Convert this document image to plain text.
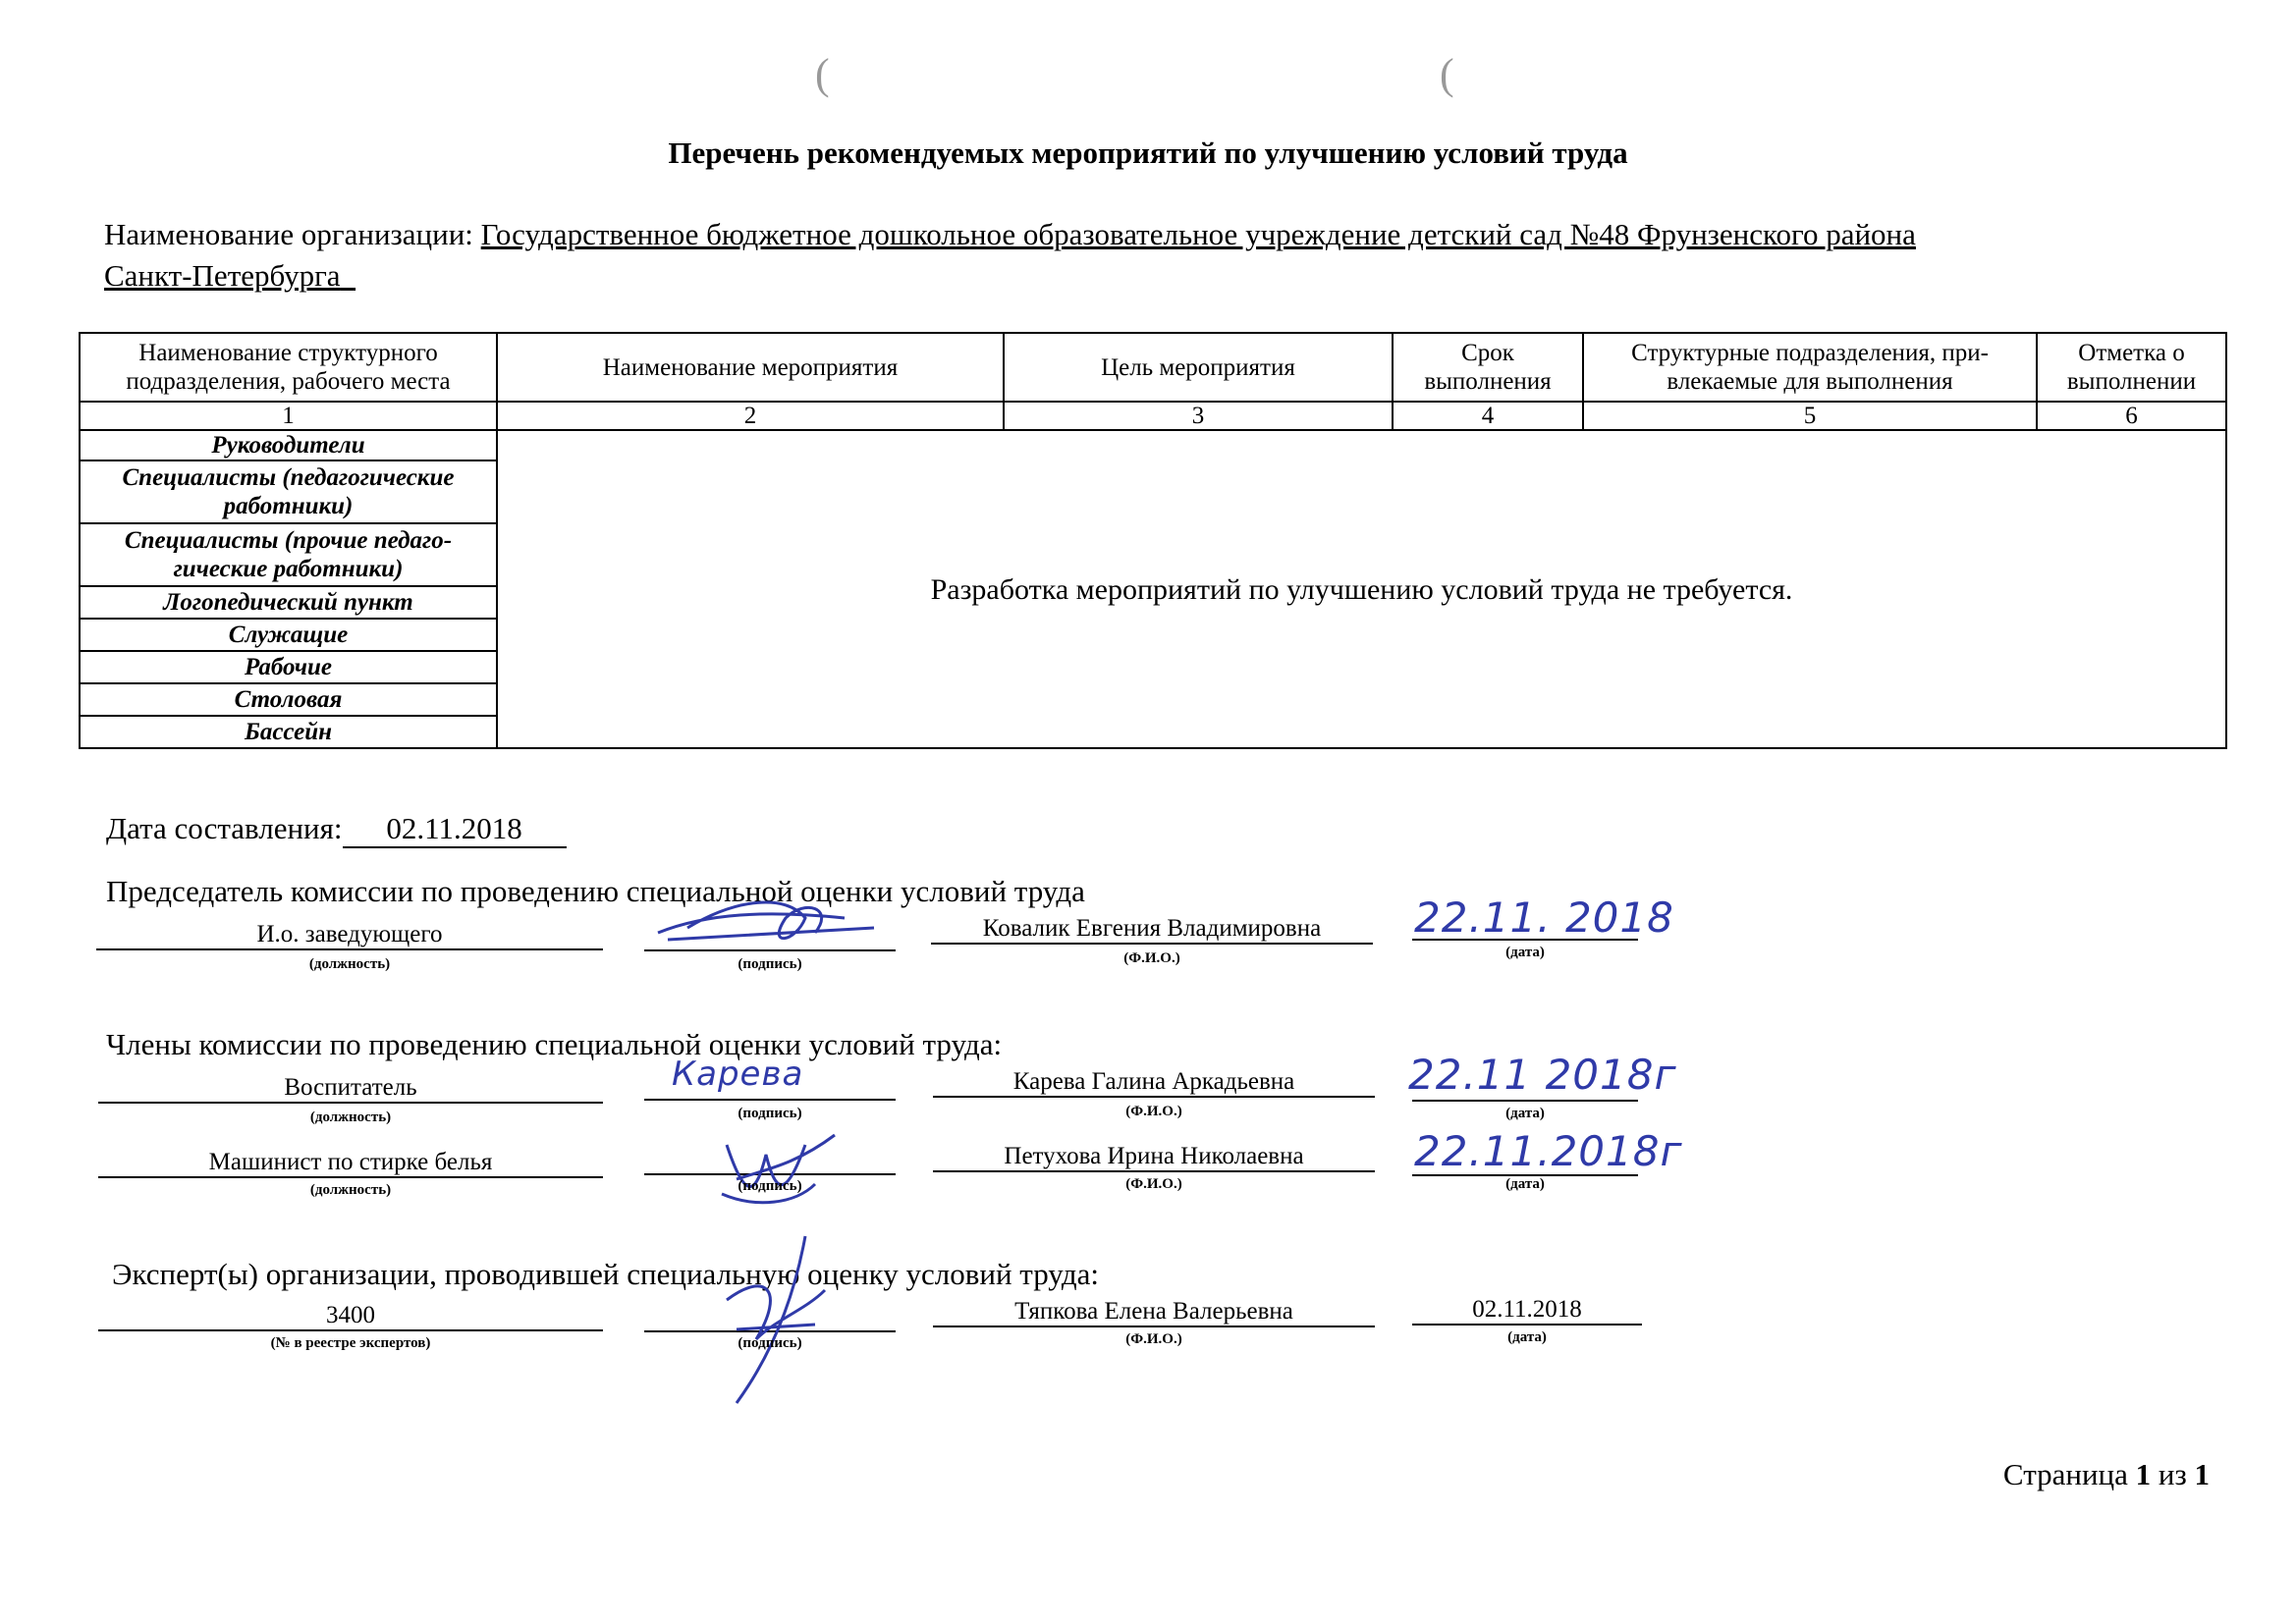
(	(
Перечень рекомендуемых мероприятий по улучшению условий труда
Наименование организации: Государственное бюджетное дошкольное образовательное учреждение детский сад №48 Фрунзенского района
Санкт-Петербурга
Наименование структурного подразделения, рабочего места	Наименование мероприятия	Цель мероприятия	Срок выполнения	Структурные подразделения, при-влекаемые для выполнения	Отметка о выполнении
1	2	3	4	5	6
Руководители	Разработка мероприятий по улучшению условий труда не требуется.				
Специалисты (педагогические работники)					
Специалисты (прочие педаго-гические работники)					
Логопедический пункт					
Служащие					
Рабочие					
Столовая					
Бассейн					
Дата составления: 02.11.2018
Председатель комиссии по проведению специальной оценки условий труда
И.о. заведующего
(должность)	(подпись)
Ковалик Евгения Владимировна
(Ф.И.О.)
22.11. 2018
(дата)
Члены комиссии по проведению специальной оценки условий труда:
Воспитатель
(должность)
Карева
(подпись)
Карева Галина Аркадьевна
(Ф.И.О.)
22.11 2018г
(дата)
Машинист по стирке белья
(должность)	(подпись)
Петухова Ирина Николаевна
(Ф.И.О.)
22.11.2018г
(дата)
Эксперт(ы) организации, проводившей специальную оценку условий труда:
3400
(№ в реестре экспертов)	(подпись)
Тяпкова Елена Валерьевна
(Ф.И.О.)
02.11.2018
(дата)
Страница 1 из 1
